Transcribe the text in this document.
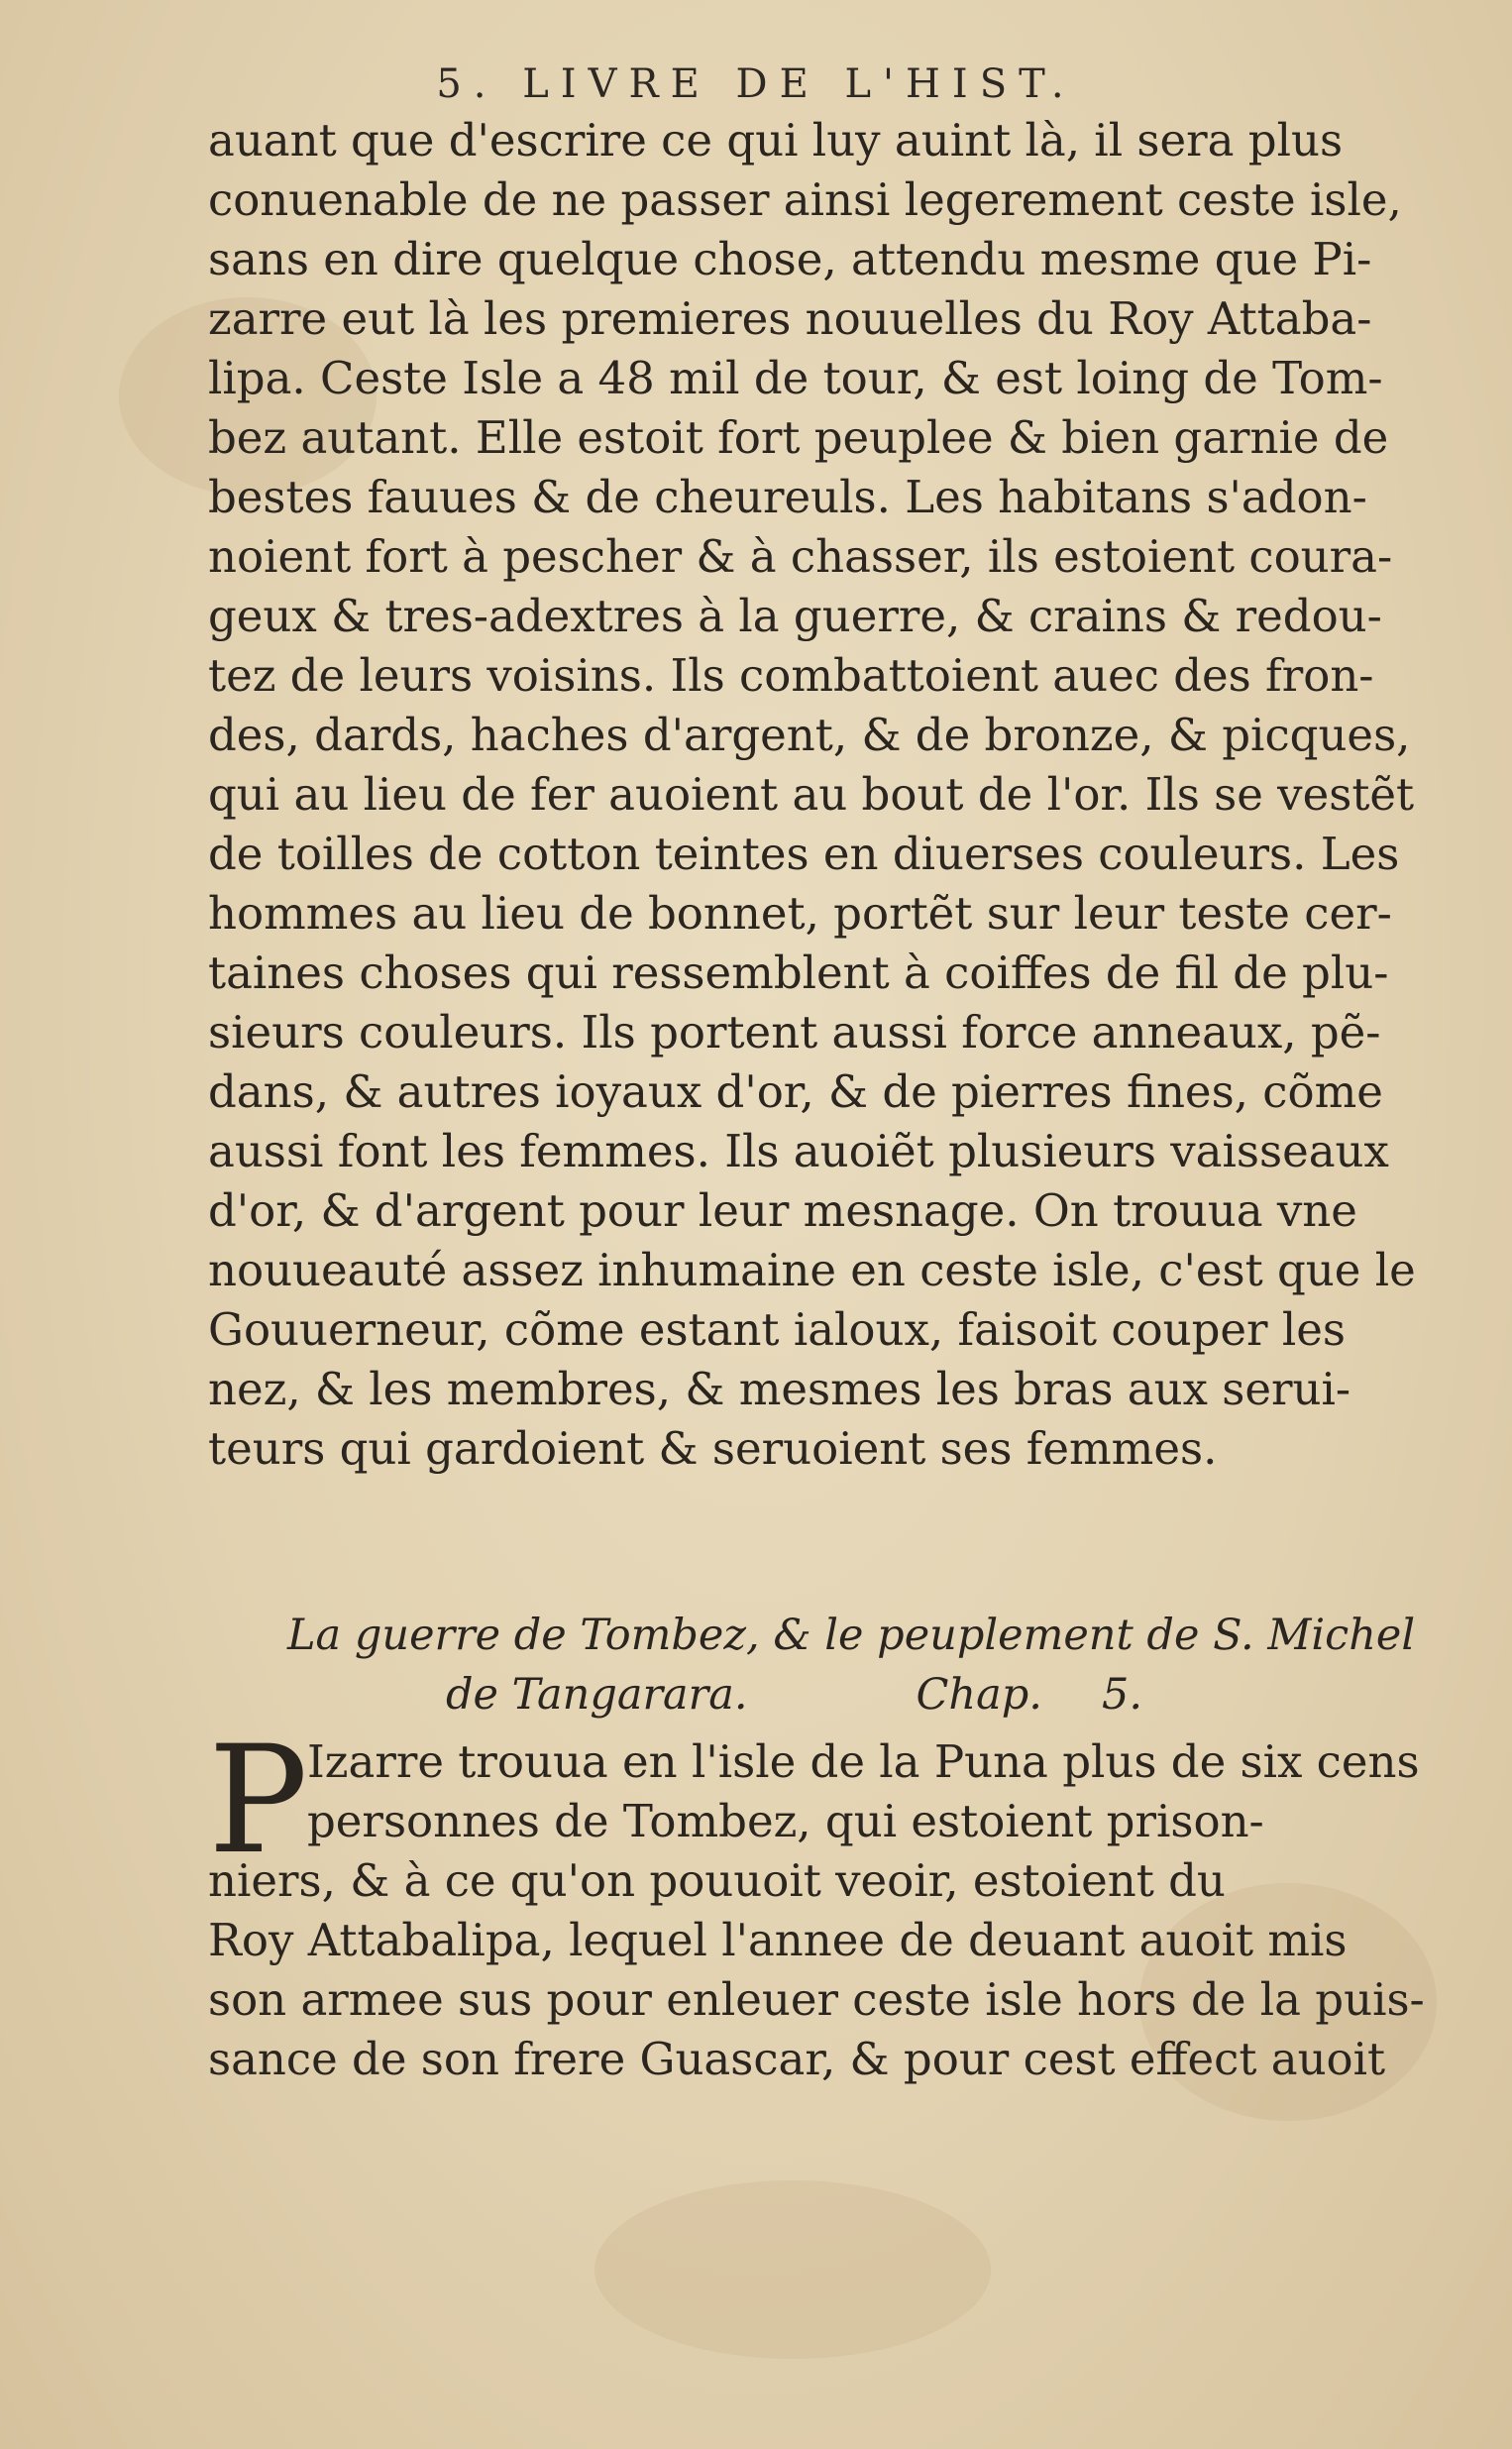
5. LIVRE DE L'HIST.
auant que d'escrire ce qui luy auint là, il sera plus
conuenable de ne passer ainsi legerement ceste isle,
sans en dire quelque chose, attendu mesme que Pi-
zarre eut là les premieres nouuelles du Roy Attaba-
lipa. Ceste Isle a 48 mil de tour, & est loing de Tom-
bez autant. Elle estoit fort peuplee & bien garnie de
bestes fauues & de cheureuls. Les habitans s'adon-
noient fort à pescher & à chasser, ils estoient coura-
geux & tres-adextres à la guerre, & crains & redou-
tez de leurs voisins. Ils combattoient auec des fron-
des, dards, haches d'argent, & de bronze, & picques,
qui au lieu de fer auoient au bout de l'or. Ils se vestẽt
de toilles de cotton teintes en diuerses couleurs. Les
hommes au lieu de bonnet, portẽt sur leur teste cer-
taines choses qui ressemblent à coiffes de fil de plu-
sieurs couleurs. Ils portent aussi force anneaux, pẽ-
dans, & autres ioyaux d'or, & de pierres fines, cõme
aussi font les femmes. Ils auoiẽt plusieurs vaisseaux
d'or, & d'argent pour leur mesnage. On trouua vne
nouueauté assez inhumaine en ceste isle, c'est que le
Gouuerneur, cõme estant ialoux, faisoit couper les
nez, & les membres, & mesmes les bras aux serui-
teurs qui gardoient & seruoient ses femmes.
La guerre de Tombez, & le peuplement de S. Michel
de Tangarara.	Chap. 5.
P Izarre trouua en l'isle de la Puna plus de six cens
personnes de Tombez, qui estoient prison-
niers, & à ce qu'on pouuoit veoir, estoient du
Roy Attabalipa, lequel l'annee de deuant auoit mis
son armee sus pour enleuer ceste isle hors de la puis-
sance de son frere Guascar, & pour cest effect auoit
